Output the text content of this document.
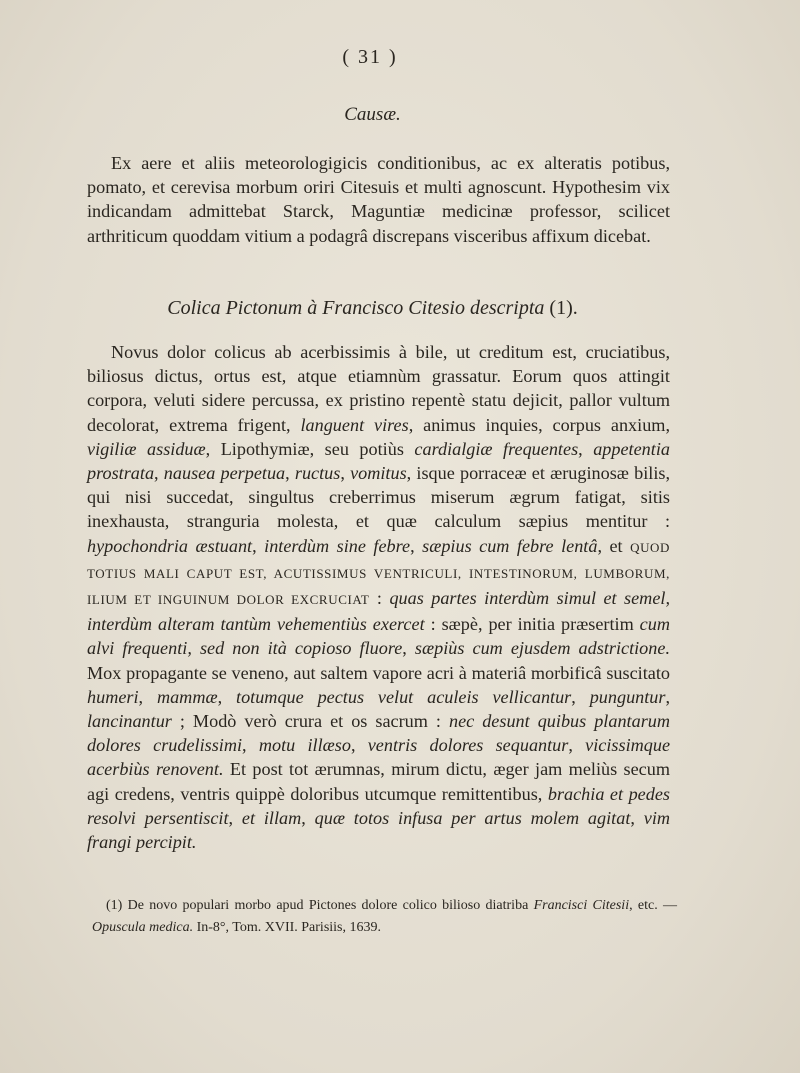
( 31 )
Causæ.
Ex aere et aliis meteorologigicis conditionibus, ac ex alteratis potibus, pomato, et cerevisa morbum oriri Citesuis et multi agnoscunt. Hypothesim vix indicandam admittebat Starck, Maguntiæ medicinæ professor, scilicet arthriticum quoddam vitium a podagrâ discrepans visceribus affixum dicebat.
Colica Pictonum à Francisco Citesio descripta (1).
Novus dolor colicus ab acerbissimis à bile, ut creditum est, cruciatibus, biliosus dictus, ortus est, atque etiamnùm grassatur. Eorum quos attingit corpora, veluti sidere percussa, ex pristino repentè statu dejicit, pallor vultum decolorat, extrema frigent, languent vires, animus inquies, corpus anxium, vigiliæ assiduæ, Lipothymiæ, seu potiùs cardialgiæ frequentes, appetentia prostrata, nausea perpetua, ructus, vomitus, isque porraceæ et æruginosæ bilis, qui nisi succedat, singultus creberrimus miserum ægrum fatigat, sitis inexhausta, stranguria molesta, et quæ calculum sæpius mentitur : hypochondria æstuant, interdùm sine febre, sæpius cum febre lentâ, et QUOD TOTIUS MALI CAPUT EST, ACUTISSIMUS VENTRICULI, INTESTINORUM, LUMBORUM, ILIUM ET INGUINUM DOLOR EXCRUCIAT : quas partes interdùm simul et semel, interdùm alteram tantùm vehementiùs exercet : sæpè, per initia præsertim cum alvi frequenti, sed non ità copioso fluore, sæpiùs cum ejusdem adstrictione. Mox propagante se veneno, aut saltem vapore acri à materiâ morbificâ suscitato humeri, mammæ, totumque pectus velut aculeis vellicantur, punguntur, lancinantur ; Modò verò crura et os sacrum : nec desunt quibus plantarum dolores crudelissimi, motu illæso, ventris dolores sequantur, vicissimque acerbiùs renovent. Et post tot ærumnas, mirum dictu, æger jam meliùs secum agi credens, ventris quippè doloribus utcumque remittentibus, brachia et pedes resolvi persentiscit, et illam, quæ totos infusa per artus molem agitat, vim frangi percipit.
(1) De novo populari morbo apud Pictones dolore colico bilioso diatriba Francisci Citesii, etc. — Opuscula medica. In-8°, Tom. XVII. Parisiis, 1639.
